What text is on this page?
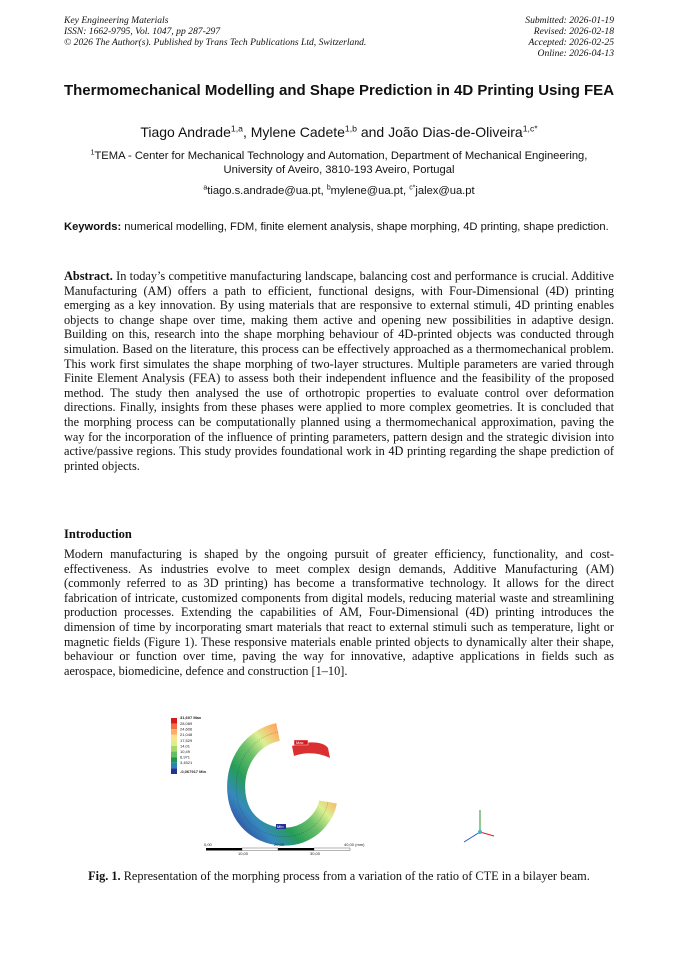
Key Engineering Materials
ISSN: 1662-9795, Vol. 1047, pp 287-297
© 2026 The Author(s). Published by Trans Tech Publications Ltd, Switzerland.
Submitted: 2026-01-19
Revised: 2026-02-18
Accepted: 2026-02-25
Online: 2026-04-13
Thermomechanical Modelling and Shape Prediction in 4D Printing Using FEA
Tiago Andrade$^{1,a}$, Mylene Cadete$^{1,b}$ and João Dias-de-Oliveira$^{1,c*}$
$^1$TEMA - Center for Mechanical Technology and Automation, Department of Mechanical Engineering, University of Aveiro, 3810-193 Aveiro, Portugal
$^a$tiago.s.andrade@ua.pt, $^b$mylene@ua.pt, $^{c*}$jalex@ua.pt

Keywords: numerical modelling, FDM, finite element analysis, shape morphing, 4D printing, shape prediction.

Abstract. In today’s competitive manufacturing landscape, balancing cost and performance is crucial. Additive Manufacturing (AM) offers a path to efficient, functional designs, with Four-Dimensional (4D) printing emerging as a key innovation. By using materials that are responsive to external stimuli, 4D printing enables objects to change shape over time, making them active and opening new possibilities in adaptive design. Building on this, research into the shape morphing behaviour of 4D-printed objects was conducted through simulation. Based on the literature, this process can be effectively approached as a thermomechanical problem. This work first simulates the shape morphing of two-layer structures. Multiple parameters are varied through Finite Element Analysis (FEA) to assess both their independent influence and the feasibility of the proposed method. The study then analysed the use of orthotropic properties to evaluate control over deformation directions. Finally, insights from these phases were applied to more complex geometries. It is concluded that the morphing process can be computationally planned using a thermomechanical approximation, paving the way for the incorporation of the influence of printing parameters, pattern design and the strategic division into active/passive regions. This study provides foundational work in 4D printing regarding the shape prediction of printed objects.

Introduction

Modern manufacturing is shaped by the ongoing pursuit of greater efficiency, functionality, and cost-effectiveness. As industries evolve to meet complex design demands, Additive Manufacturing (AM) (commonly referred to as 3D printing) has become a transformative technology. It allows for the direct fabrication of intricate, customized components from digital models, reducing material waste and streamlining production processes. Extending the capabilities of AM, Four-Dimensional (4D) printing introduces the dimension of time by incorporating smart materials that react to external stimuli such as temperature, light or magnetic fields (Figure 1). These responsive materials enable printed objects to dynamically alter their shape, behaviour or function over time, paving the way for innovative, adaptive applications in fields such as aerospace, biomedicine, defence and construction [1–10].

31,607 Max
28,089
24,606
21,048
17,529
14,01
10,49
6,971
3,4521
-0,067917 Min
Max
Min
0,00	20,00	40,00 (mm)
10,00	30,00

Fig. 1. Representation of the morphing process from a variation of the ratio of CTE in a bilayer beam.
